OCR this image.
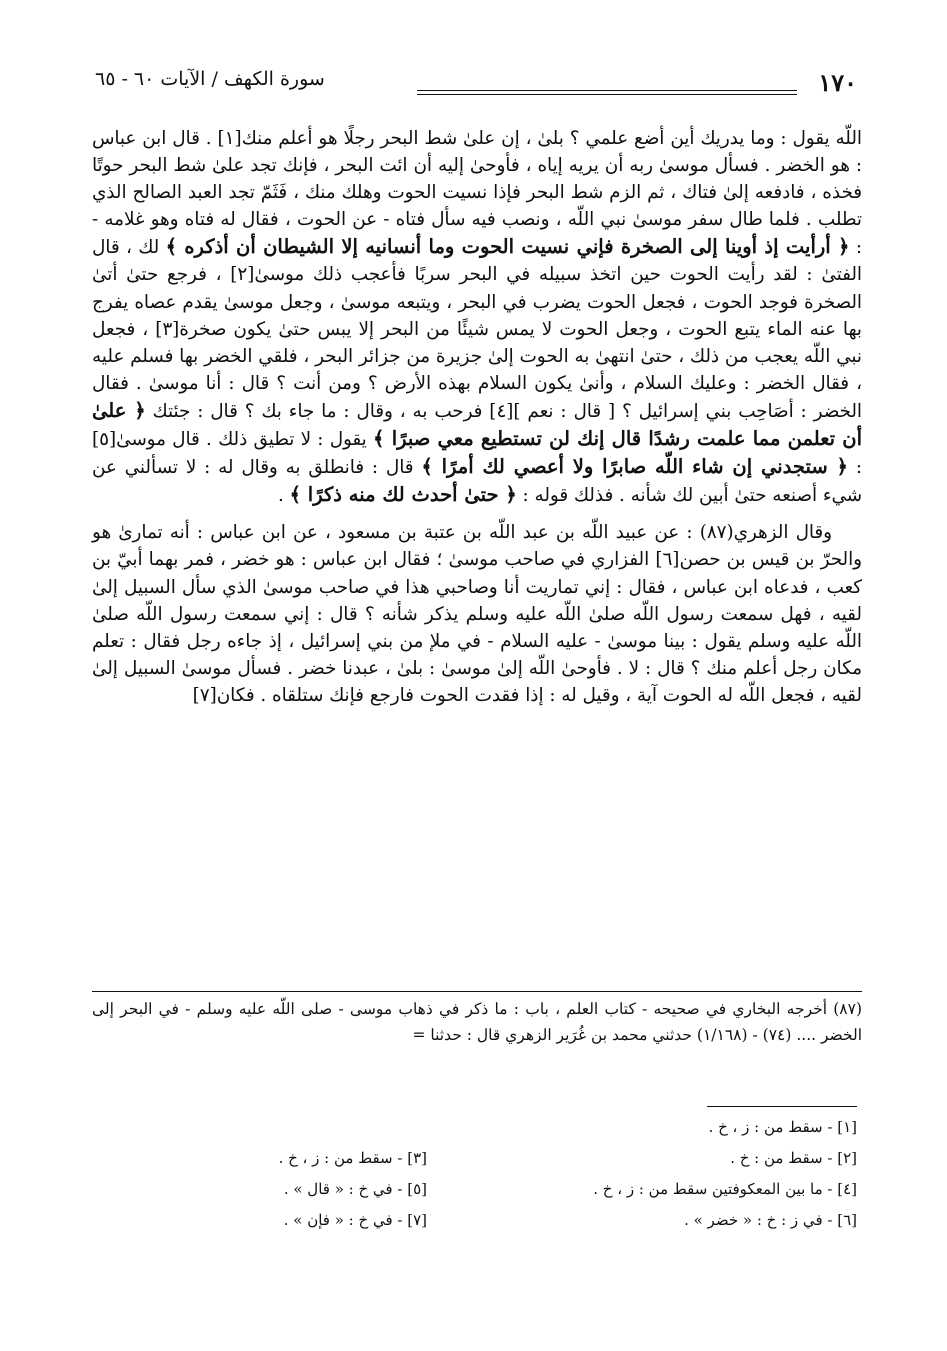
١٧٠
سورة الكهف / الآيات ٦٠ - ٦٥

اللّه يقول : وما يدريك أين أضع علمي ؟ بلىٰ ، إن علىٰ شط البحر رجلًا هو أعلم منك[١] . قال ابن عباس : هو الخضر . فسأل موسىٰ ربه أن يريه إياه ، فأوحىٰ إليه أن ائت البحر ، فإنك تجد علىٰ شط البحر حوتًا فخذه ، فادفعه إلىٰ فتاك ، ثم الزم شط البحر فإذا نسيت الحوت وهلك منك ، فَثَمّ تجد العبد الصالح الذي تطلب . فلما طال سفر موسىٰ نبي اللّه ، ونصب فيه سأل فتاه - عن الحوت ، فقال له فتاه وهو غلامه - : ﴿ أرأيت إذ أوينا إلى الصخرة فإني نسيت الحوت وما أنسانيه إلا الشيطان أن أذكره ﴾ لك ، قال الفتىٰ : لقد رأيت الحوت حين اتخذ سبيله في البحر سربًا فأعجب ذلك موسىٰ[٢] ، فرجع حتىٰ أتىٰ الصخرة فوجد الحوت ، فجعل الحوت يضرب في البحر ، ويتبعه موسىٰ ، وجعل موسىٰ يقدم عصاه يفرج بها عنه الماء يتبع الحوت ، وجعل الحوت لا يمس شيئًا من البحر إلا يبس حتىٰ يكون صخرة[٣] ، فجعل نبي اللّه يعجب من ذلك ، حتىٰ انتهىٰ به الحوت إلىٰ جزيرة من جزائر البحر ، فلقي الخضر بها فسلم عليه ، فقال الخضر : وعليك السلام ، وأنىٰ يكون السلام بهذه الأرض ؟ ومن أنت ؟ قال : أنا موسىٰ . فقال الخضر : أصَاحِب بني إسرائيل ؟ [ قال : نعم ][٤] فرحب به ، وقال : ما جاء بك ؟ قال : جئتك ﴿ علىٰ أن تعلمن مما علمت رشدًا قال إنك لن تستطيع معي صبرًا ﴾ يقول : لا تطيق ذلك . قال موسىٰ[٥] : ﴿ ستجدني إن شاء اللّه صابرًا ولا أعصي لك أمرًا ﴾ قال : فانطلق به وقال له : لا تسألني عن شيء أصنعه حتىٰ أبين لك شأنه . فذلك قوله : ﴿ حتىٰ أحدث لك منه ذكرًا ﴾ .

وقال الزهري(٨٧) : عن عبيد اللّه بن عبد اللّه بن عتبة بن مسعود ، عن ابن عباس : أنه تمارىٰ هو والحرّ بن قيس بن حصن[٦] الفزاري في صاحب موسىٰ ؛ فقال ابن عباس : هو خضر ، فمر بهما أبيّ بن كعب ، فدعاه ابن عباس ، فقال : إني تماريت أنا وصاحبي هذا في صاحب موسىٰ الذي سأل السبيل إلىٰ لقيه ، فهل سمعت رسول اللّه صلىٰ اللّه عليه وسلم يذكر شأنه ؟ قال : إني سمعت رسول اللّه صلىٰ اللّه عليه وسلم يقول : بينا موسىٰ - عليه السلام - في ملإ من بني إسرائيل ، إذ جاءه رجل فقال : تعلم مكان رجل أعلم منك ؟ قال : لا . فأوحىٰ اللّه إلىٰ موسىٰ : بلىٰ ، عبدنا خضر . فسأل موسىٰ السبيل إلىٰ لقيه ، فجعل اللّه له الحوت آية ، وقيل له : إذا فقدت الحوت فارجع فإنك ستلقاه . فكان[٧]

(٨٧) أخرجه البخاري في صحيحه - كتاب العلم ، باب : ما ذكر في ذهاب موسى - صلى اللّه عليه وسلم - في البحر إلى الخضر .... (٧٤) - (١/١٦٨) حدثني محمد بن غُرَير الزهري قال : حدثنا =

[١] - سقط من : ز ، خ .
[٢] - سقط من : خ .
[٣] - سقط من : ز ، خ .
[٤] - ما بين المعكوفتين سقط من : ز ، خ .
[٥] - في خ : « قال » .
[٦] - في ز : خ : « خضر » .
[٧] - في خ : « فإن » .
